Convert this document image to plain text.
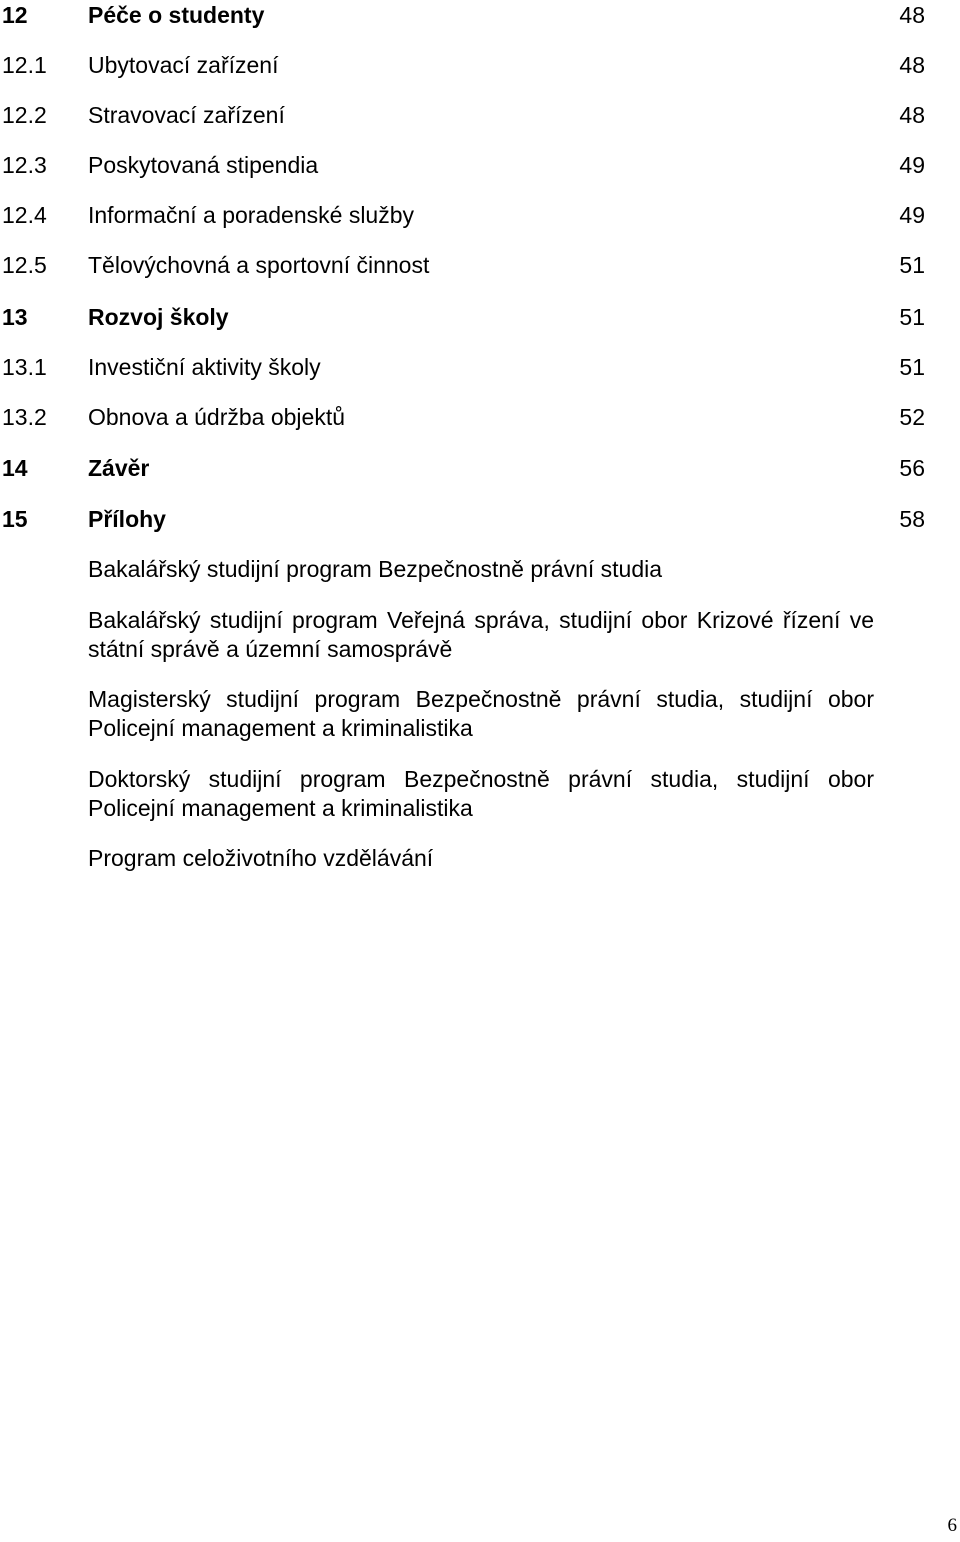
12	Péče o studenty	48
12.1 Ubytovací zařízení	48
12.2 Stravovací zařízení	48
12.3 Poskytovaná stipendia	49
12.4 Informační a poradenské služby	49
12.5 Tělovýchovná a sportovní činnost	51
13	Rozvoj školy	51
13.1 Investiční aktivity školy	51
13.2 Obnova a údržba objektů	52
14	Závěr	56
15	Přílohy	58
Bakalářský studijní program Bezpečnostně právní studia
Bakalářský studijní program Veřejná správa, studijní obor Krizové řízení ve státní správě a územní samosprávě
Magisterský studijní program Bezpečnostně právní studia, studijní obor Policejní management a kriminalistika
Doktorský studijní program Bezpečnostně právní studia, studijní obor Policejní management a kriminalistika
Program celoživotního vzdělávání
6
